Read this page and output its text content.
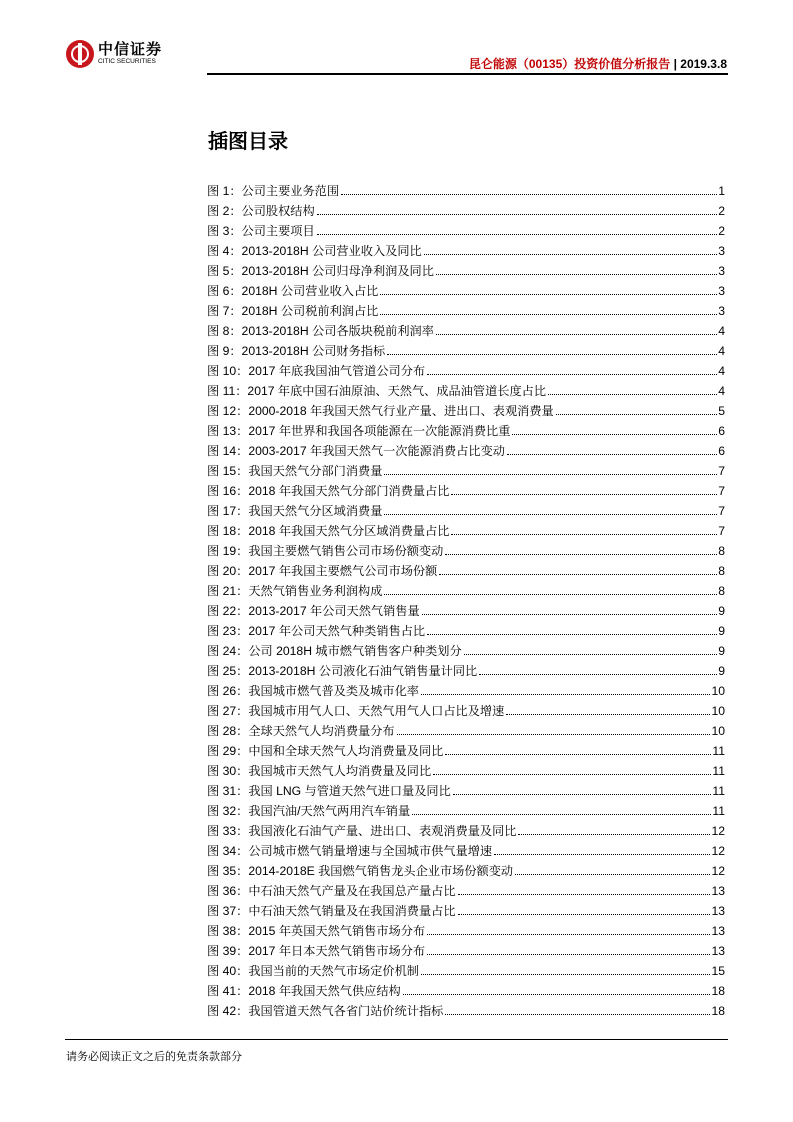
中信证券
CITIC SECURITIES	昆仑能源（00135）投资价值分析报告 | 2019.3.8
插图目录
图 1：公司主要业务范围	1
图 2：公司股权结构	2
图 3：公司主要项目	2
图 4：2013-2018H 公司营业收入及同比	3
图 5：2013-2018H 公司归母净利润及同比	3
图 6：2018H 公司营业收入占比	3
图 7：2018H 公司税前利润占比	3
图 8：2013-2018H 公司各版块税前利润率	4
图 9：2013-2018H 公司财务指标	4
图 10：2017 年底我国油气管道公司分布	4
图 11：2017 年底中国石油原油、天然气、成品油管道长度占比	4
图 12：2000-2018 年我国天然气行业产量、进出口、表观消费量	5
图 13：2017 年世界和我国各项能源在一次能源消费比重	6
图 14：2003-2017 年我国天然气一次能源消费占比变动	6
图 15：我国天然气分部门消费量	7
图 16：2018 年我国天然气分部门消费量占比	7
图 17：我国天然气分区域消费量	7
图 18：2018 年我国天然气分区域消费量占比	7
图 19：我国主要燃气销售公司市场份额变动	8
图 20：2017 年我国主要燃气公司市场份额	8
图 21：天然气销售业务利润构成	8
图 22：2013-2017 年公司天然气销售量	9
图 23：2017 年公司天然气种类销售占比	9
图 24：公司 2018H 城市燃气销售客户种类划分	9
图 25：2013-2018H 公司液化石油气销售量计同比	9
图 26：我国城市燃气普及类及城市化率	10
图 27：我国城市用气人口、天然气用气人口占比及增速	10
图 28：全球天然气人均消费量分布	10
图 29：中国和全球天然气人均消费量及同比	11
图 30：我国城市天然气人均消费量及同比	11
图 31：我国 LNG 与管道天然气进口量及同比	11
图 32：我国汽油/天然气两用汽车销量	11
图 33：我国液化石油气产量、进出口、表观消费量及同比	12
图 34：公司城市燃气销量增速与全国城市供气量增速	12
图 35：2014-2018E 我国燃气销售龙头企业市场份额变动	12
图 36：中石油天然气产量及在我国总产量占比	13
图 37：中石油天然气销量及在我国消费量占比	13
图 38：2015 年英国天然气销售市场分布	13
图 39：2017 年日本天然气销售市场分布	13
图 40：我国当前的天然气市场定价机制	15
图 41：2018 年我国天然气供应结构	18
图 42：我国管道天然气各省门站价统计指标	18
请务必阅读正文之后的免责条款部分
